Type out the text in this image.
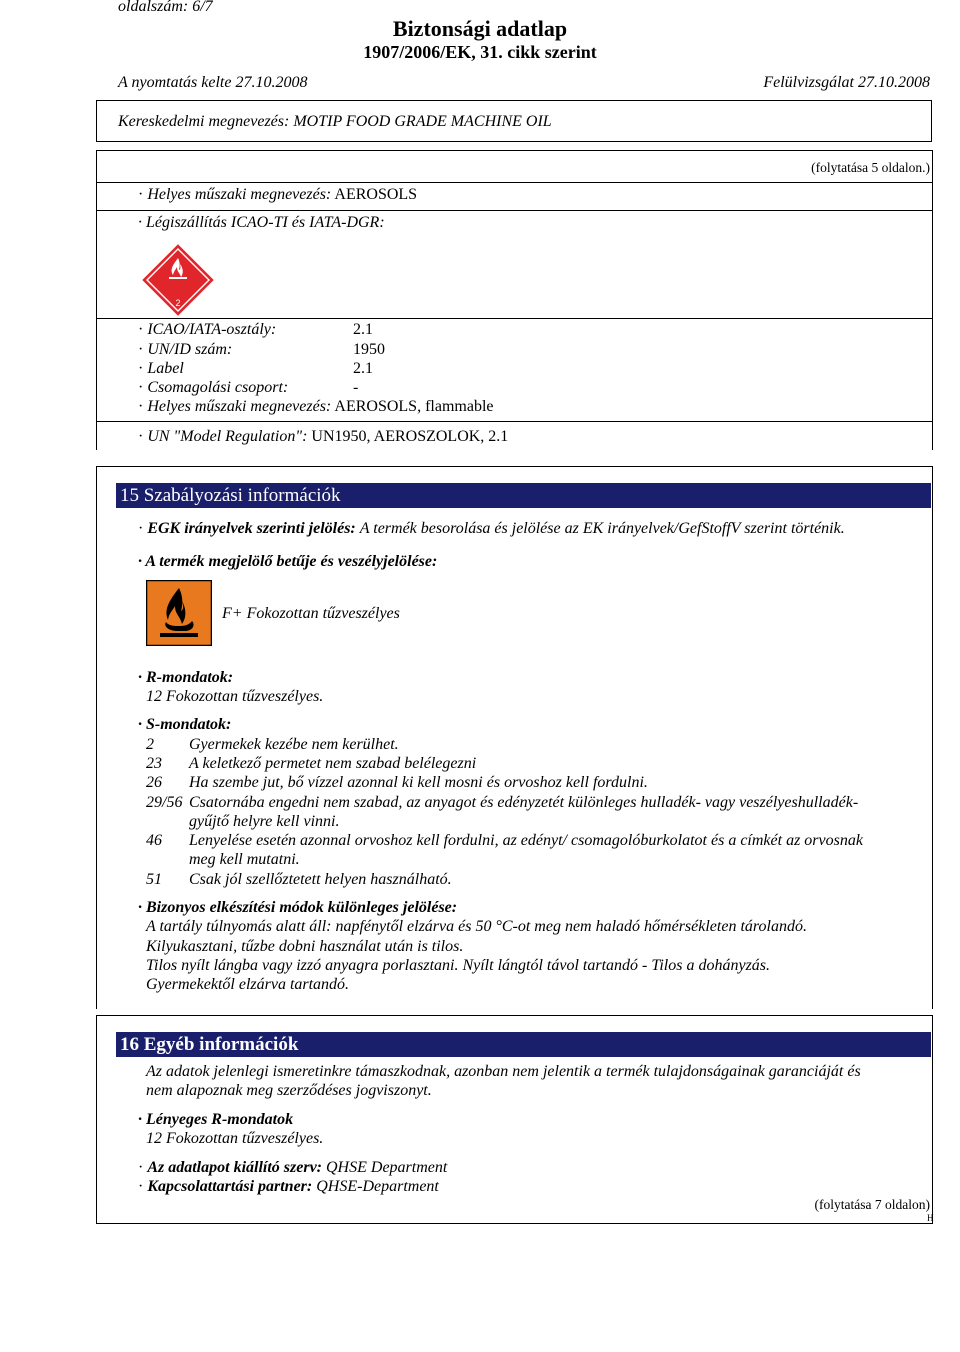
oldalszám: 6/7
Biztonsági adatlap
1907/2006/EK, 31. cikk szerint
A nyomtatás kelte 27.10.2008	Felülvizsgálat 27.10.2008
Kereskedelmi megnevezés: MOTIP FOOD GRADE MACHINE OIL
(folytatása 5 oldalon.)
· Helyes műszaki megnevezés: AEROSOLS
· Légiszállítás ICAO-TI és IATA-DGR:
2
· ICAO/IATA-osztály:	2.1
· UN/ID szám:	1950
· Label	2.1
· Csomagolási csoport:	-
· Helyes műszaki megnevezés: AEROSOLS, flammable
· UN "Model Regulation": UN1950, AEROSZOLOK, 2.1
15 Szabályozási információk
· EGK irányelvek szerinti jelölés: A termék besorolása és jelölése az EK irányelvek/GefStoffV szerint történik.
· A termék megjelölő betűje és veszélyjelölése:
F+ Fokozottan tűzveszélyes
· R-mondatok:
12 Fokozottan tűzveszélyes.
· S-mondatok:
2 Gyermekek kezébe nem kerülhet.
23 A keletkező permetet nem szabad belélegezni
26 Ha szembe jut, bő vízzel azonnal ki kell mosni és orvoshoz kell fordulni.
29/56 Csatornába engedni nem szabad, az anyagot és edényzetét különleges hulladék- vagy veszélyeshulladék-
gyűjtő helyre kell vinni.
46 Lenyelése esetén azonnal orvoshoz kell fordulni, az edényt/ csomagolóburkolatot és a címkét az orvosnak
meg kell mutatni.
51 Csak jól szellőztetett helyen használható.
· Bizonyos elkészítési módok különleges jelölése:
A tartály túlnyomás alatt áll: napfénytől elzárva és 50 °C-ot meg nem haladó hőmérsékleten tárolandó.
Kilyukasztani, tűzbe dobni használat után is tilos.
Tilos nyílt lángba vagy izzó anyagra porlasztani. Nyílt lángtól távol tartandó - Tilos a dohányzás.
Gyermekektől elzárva tartandó.
16 Egyéb információk
Az adatok jelenlegi ismeretinkre támaszkodnak, azonban nem jelentik a termék tulajdonságainak garanciáját és
nem alapoznak meg szerződéses jogviszonyt.
· Lényeges R-mondatok
12 Fokozottan tűzveszélyes.
· Az adatlapot kiállító szerv: QHSE Department
· Kapcsolattartási partner: QHSE-Department
(folytatása 7 oldalon)
H
